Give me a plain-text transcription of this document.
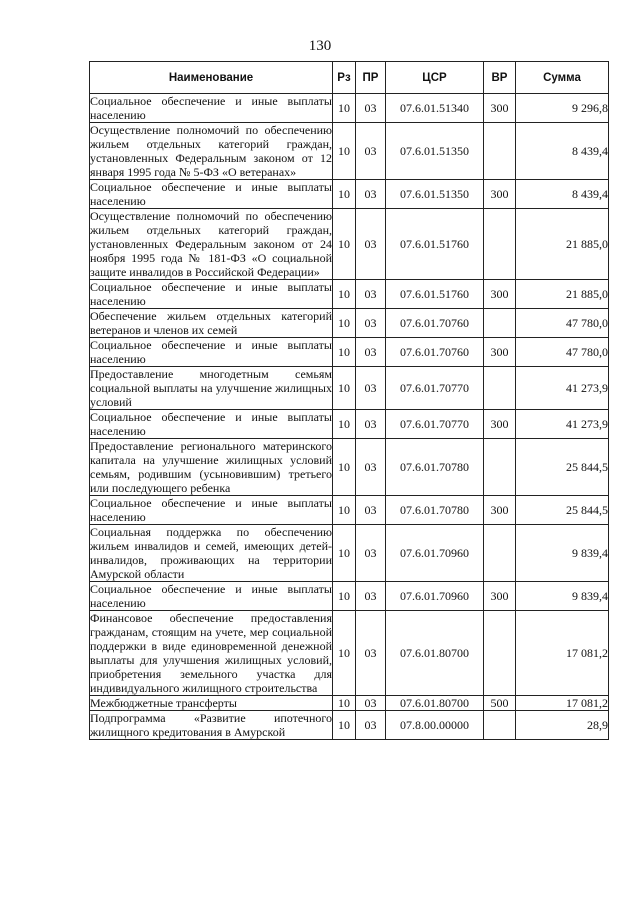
130
Наименование	Рз	ПР	ЦСР	ВР	Сумма
Социальное обеспечение и иные выплаты населению	10	03	07.6.01.51340	300	9 296,8
Осуществление полномочий по обеспечению жильем отдельных категорий граждан, установленных Федеральным законом от 12 января 1995 года № 5-ФЗ «О ветеранах»	10	03	07.6.01.51350		8 439,4
Социальное обеспечение и иные выплаты населению	10	03	07.6.01.51350	300	8 439,4
Осуществление полномочий по обеспечению жильем отдельных категорий граждан, установленных Федеральным законом от 24 ноября 1995 года № 181-ФЗ «О социальной защите инвалидов в Российской Федерации»	10	03	07.6.01.51760		21 885,0
Социальное обеспечение и иные выплаты населению	10	03	07.6.01.51760	300	21 885,0
Обеспечение жильем отдельных категорий ветеранов и членов их семей	10	03	07.6.01.70760		47 780,0
Социальное обеспечение и иные выплаты населению	10	03	07.6.01.70760	300	47 780,0
Предоставление многодетным семьям социальной выплаты на улучшение жилищных условий	10	03	07.6.01.70770		41 273,9
Социальное обеспечение и иные выплаты населению	10	03	07.6.01.70770	300	41 273,9
Предоставление регионального материнского капитала на улучшение жилищных условий семьям, родившим (усыновившим) третьего или последующего ребенка	10	03	07.6.01.70780		25 844,5
Социальное обеспечение и иные выплаты населению	10	03	07.6.01.70780	300	25 844,5
Социальная поддержка по обеспечению жильем инвалидов и семей, имеющих детей-инвалидов, проживающих на территории Амурской области	10	03	07.6.01.70960		9 839,4
Социальное обеспечение и иные выплаты населению	10	03	07.6.01.70960	300	9 839,4
Финансовое обеспечение предоставления гражданам, стоящим на учете, мер социальной поддержки в виде единовременной денежной выплаты для улучшения жилищных условий, приобретения земельного участка для индивидуального жилищного строительства	10	03	07.6.01.80700		17 081,2
Межбюджетные трансферты	10	03	07.6.01.80700	500	17 081,2
Подпрограмма «Развитие ипотечного жилищного кредитования в Амурской	10	03	07.8.00.00000		28,9
